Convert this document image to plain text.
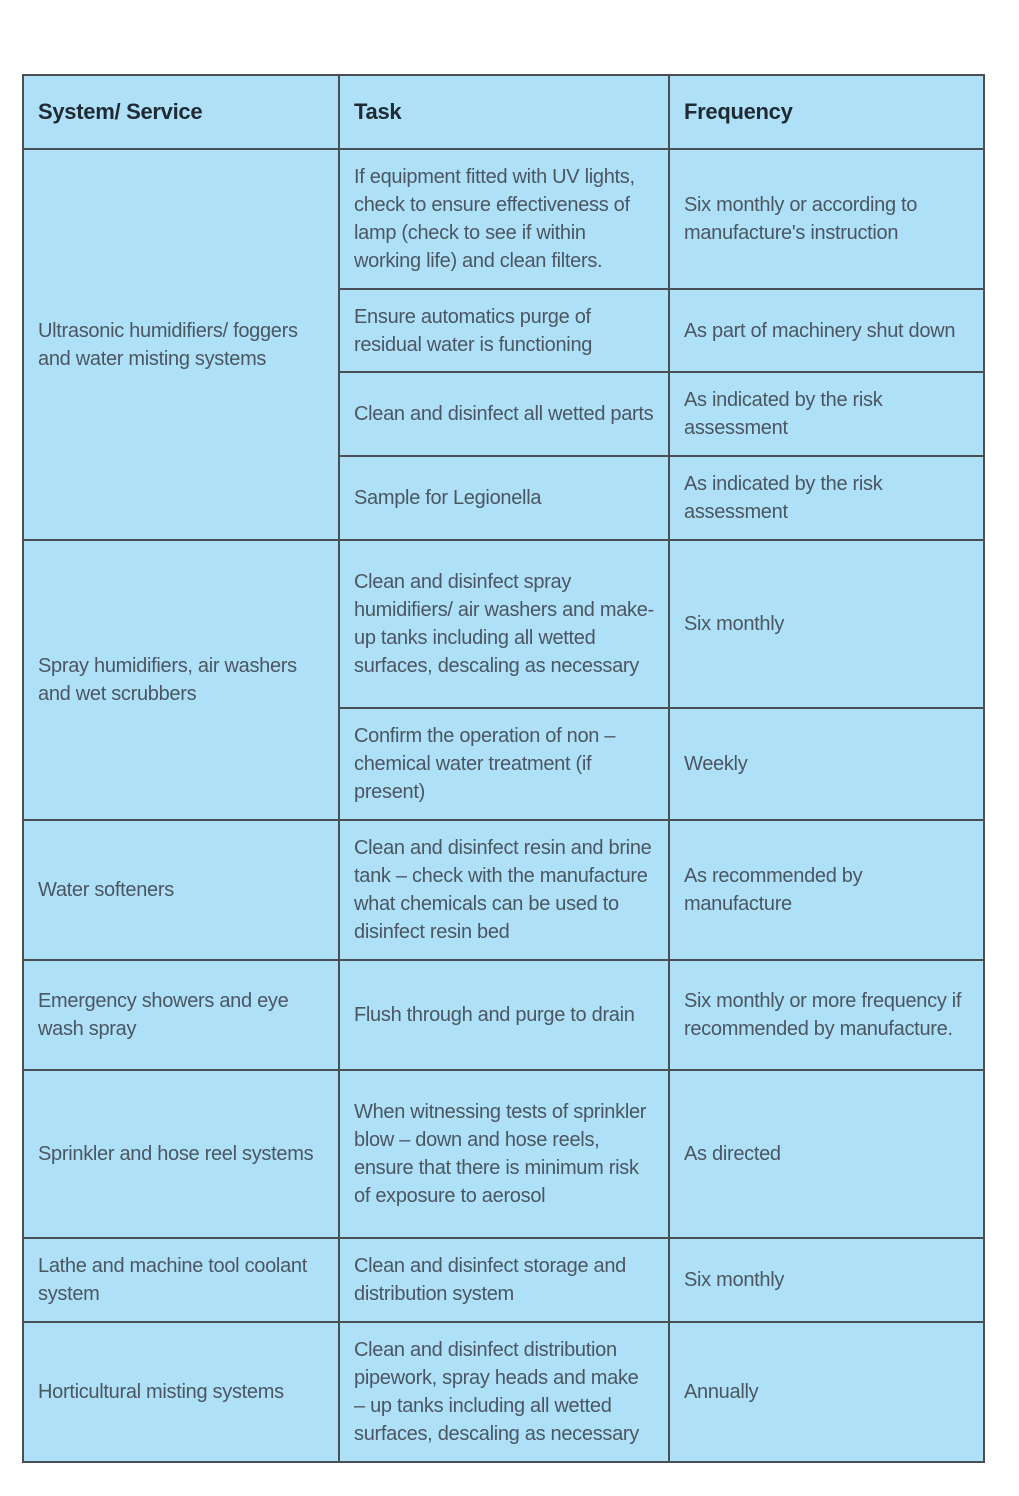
System/ Service	Task	Frequency
Ultrasonic humidifiers/ foggers and water misting systems	If equipment fitted with UV lights, check to ensure effectiveness of lamp (check to see if within working life) and clean filters.	Six monthly or according to manufacture's instruction
	Ensure automatics purge of residual water is functioning	As part of machinery shut down
	Clean and disinfect all wetted parts	As indicated by the risk assessment
	Sample for Legionella	As indicated by the risk assessment
Spray humidifiers, air washers and wet scrubbers	Clean and disinfect spray humidifiers/ air washers and make-up tanks including all wetted surfaces, descaling as necessary	Six monthly
	Confirm the operation of non – chemical water treatment (if present)	Weekly
Water softeners	Clean and disinfect resin and brine tank – check with the manufacture what chemicals can be used to disinfect resin bed	As recommended by manufacture
Emergency showers and eye wash spray	Flush through and purge to drain	Six monthly or more frequency if recommended by manufacture.
Sprinkler and hose reel systems	When witnessing tests of sprinkler blow – down and hose reels, ensure that there is minimum risk of exposure to aerosol	As directed
Lathe and machine tool coolant system	Clean and disinfect storage and distribution system	Six monthly
Horticultural misting systems	Clean and disinfect distribution pipework, spray heads and make – up tanks including all wetted surfaces, descaling as necessary	Annually
